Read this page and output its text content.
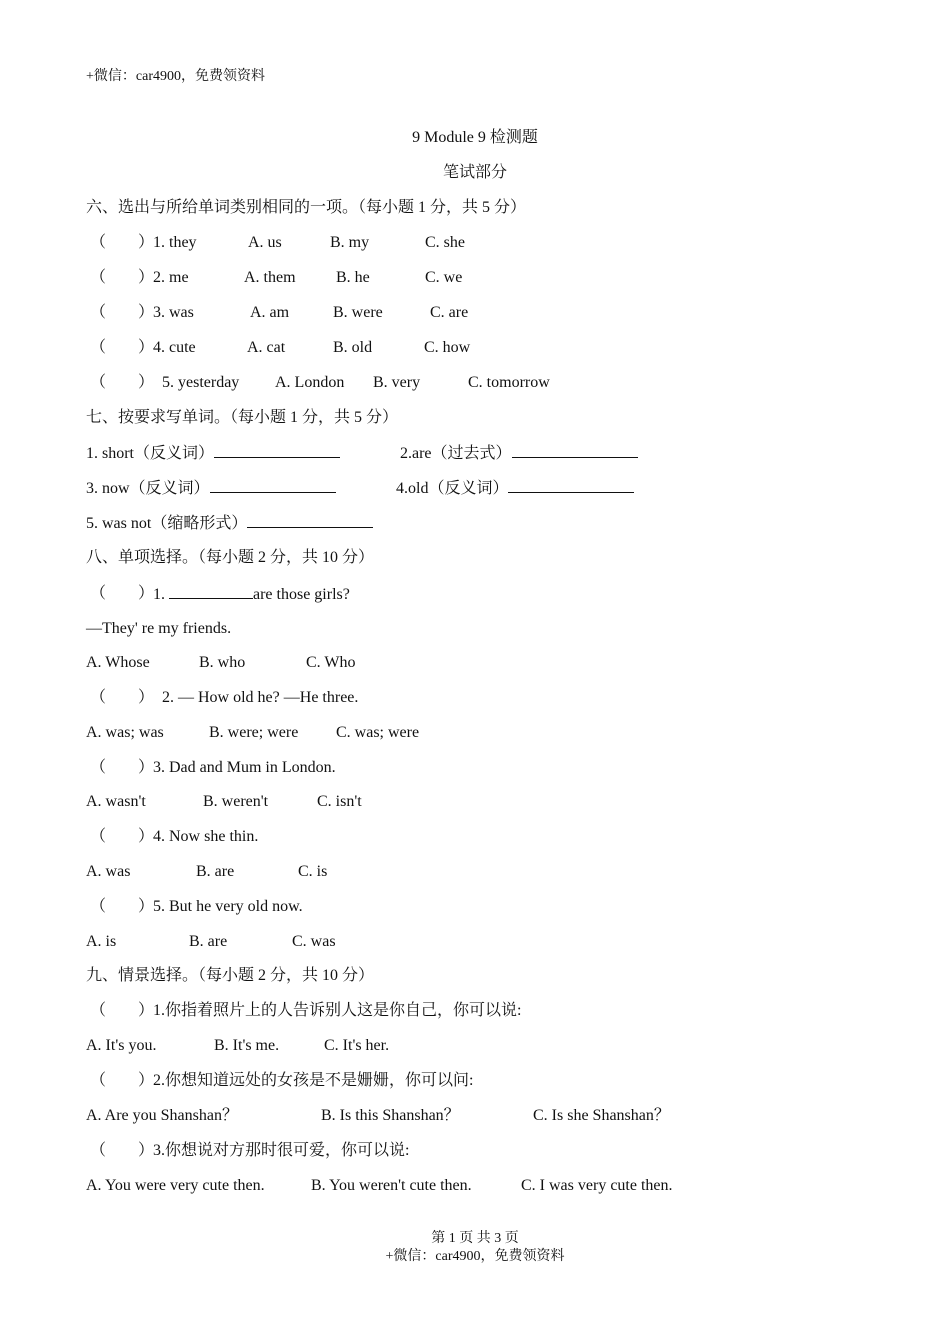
+微信：car4900，免费领资料
9 Module 9 检测题
笔试部分
六、选出与所给单词类别相同的一项。（每小题 1 分，共 5 分）
（        ）
1. they	A. us	B. my	C. she
（        ）
2. me	A. them	B. he	C. we
（        ）
3. was	A. am	B. were	C. are
（        ）
4. cute	A. cat	B. old	C. how
（        ） 5. yesterday A. London B. very	C. tomorrow
七、按要求写单词。（每小题 1 分，共 5 分）
1. short（反义词）	2.are（过去式）
3. now（反义词）	4.old（反义词）
5. was not（缩略形式）
八、单项选择。（每小题 2 分，共 10 分）
（        ）
1.	are those girls?
—They' re my friends.
A. Whose	B. who	C. Who
（        ） 2. — How old he? —He three.
A. was; was	B. were; were C. was; were
（        ）
3. Dad and Mum in London.
A. wasn't	B. weren't	C. isn't
（        ）
4. Now she thin.
A. was	B. are	C. is
（        ）
5. But he very old now.
A. is	B. are	C. was
九、情景选择。（每小题 2 分，共 10 分）
（        ）
1.你指着照片上的人告诉别人这是你自己，你可以说:
A. It's you.	B. It's me.	C. It's her.
（        ）
2.你想知道远处的女孩是不是姗姗，你可以问:
A. Are you Shanshan？	B. Is this Shanshan？	C. Is she Shanshan？
（        ）
3.你想说对方那时很可爱，你可以说:
A. You were very cute then.	B. You weren't cute then.	C. I was very cute then.
第 1 页 共 3 页
+微信：car4900，免费领资料
